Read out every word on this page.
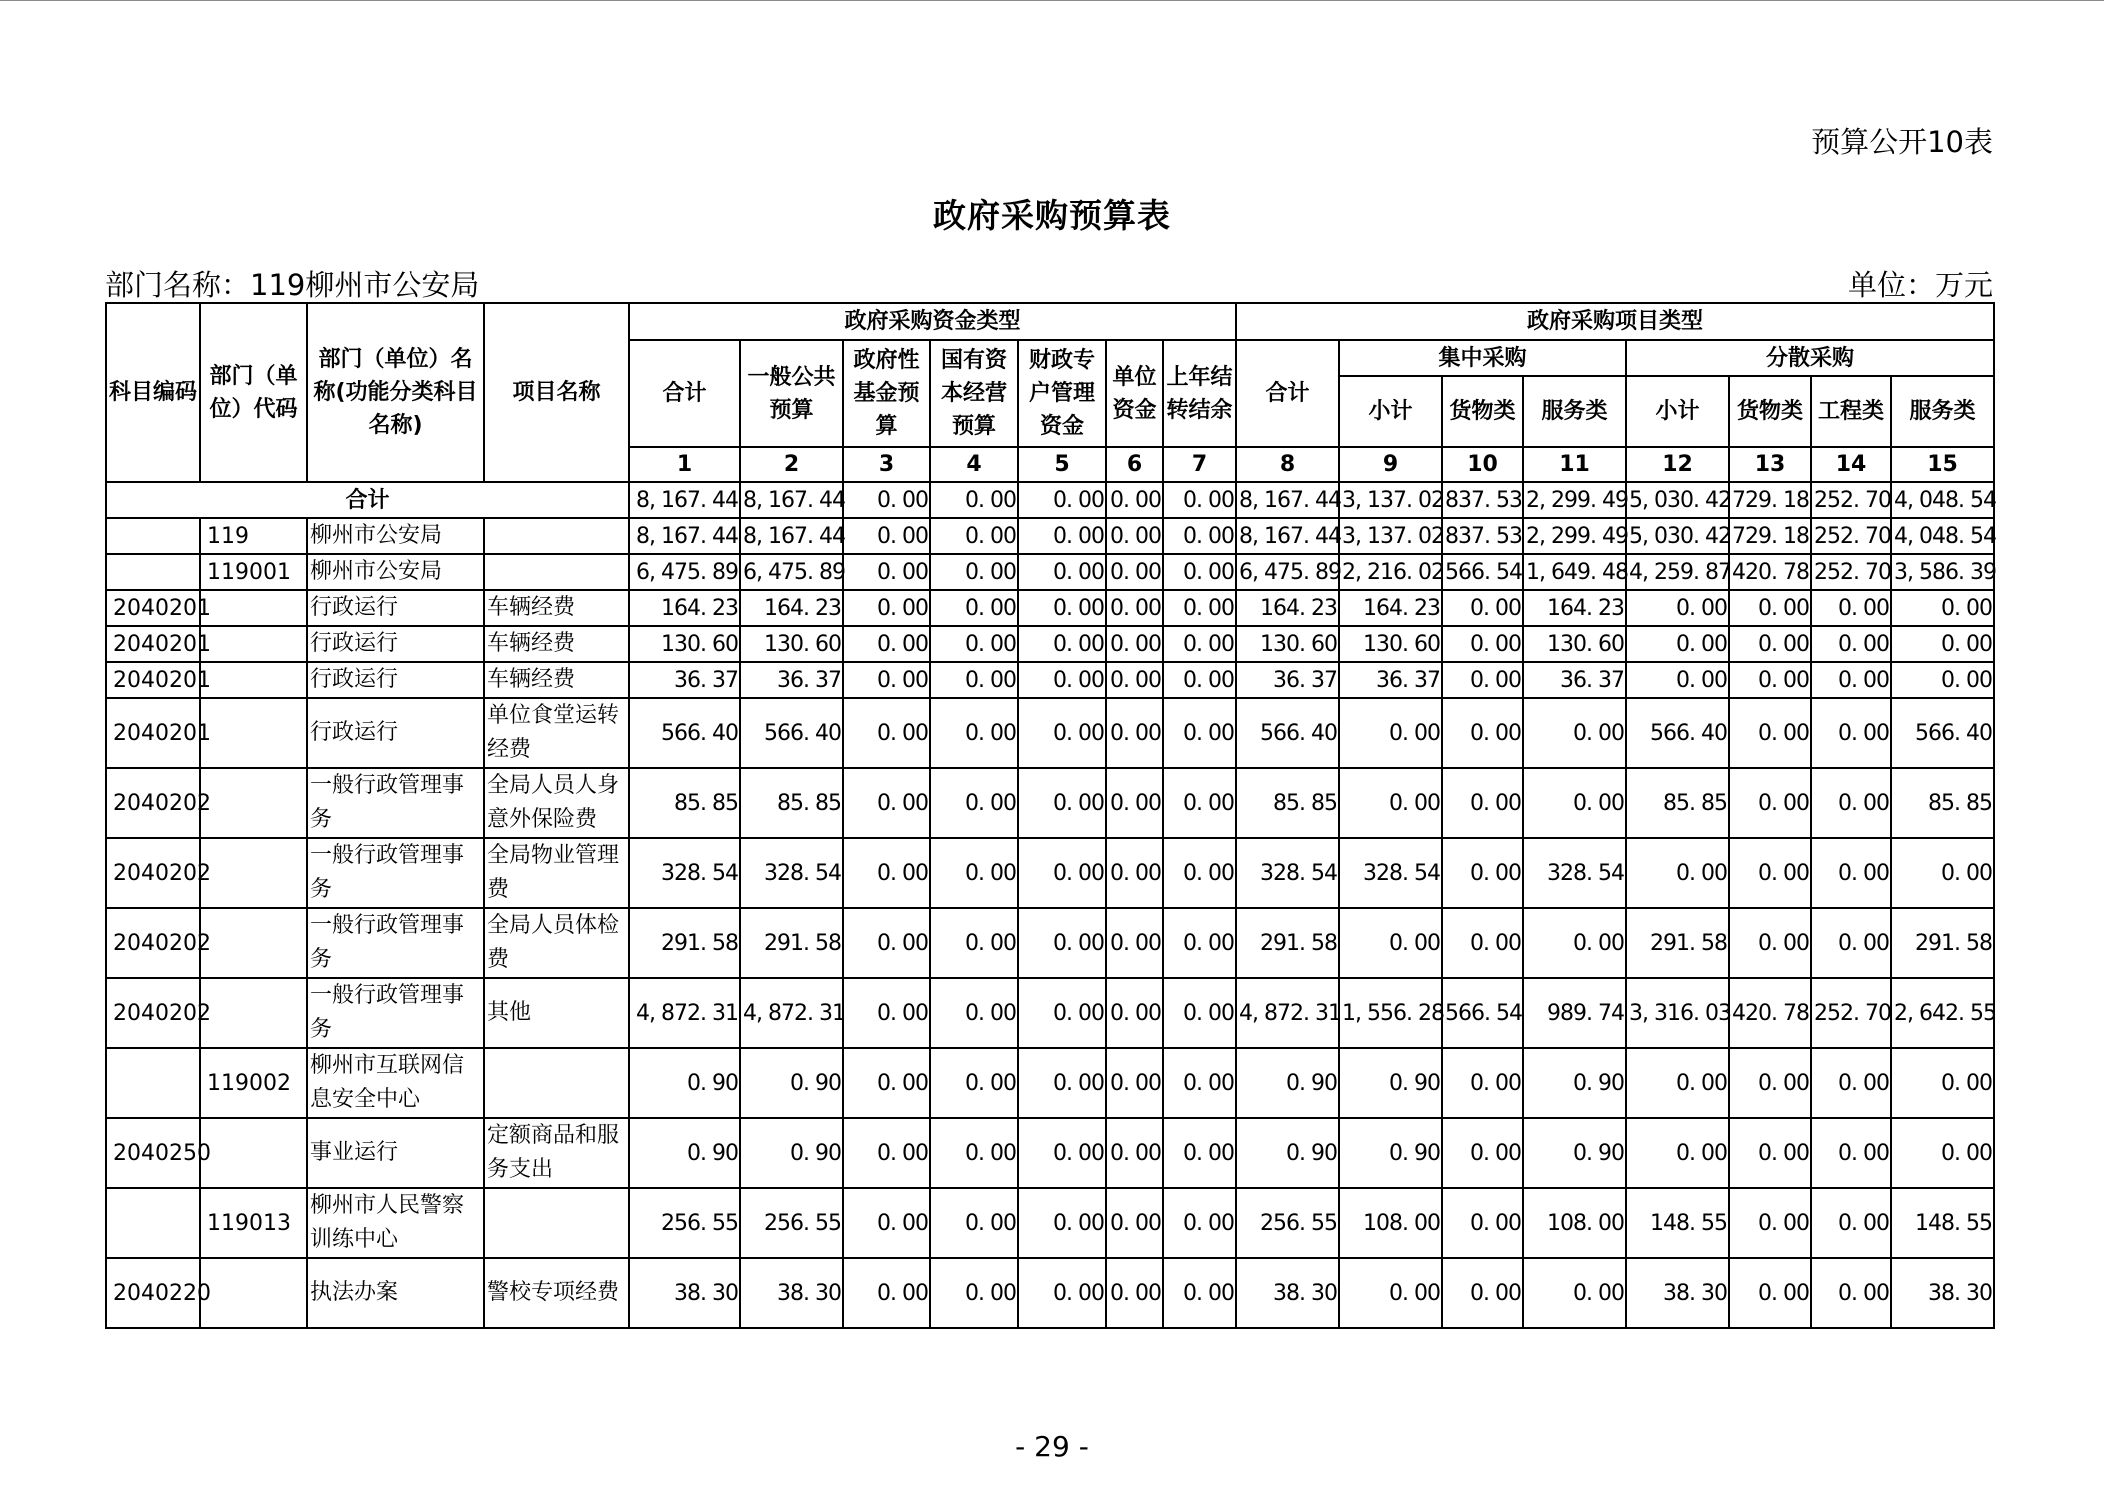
预算公开10表
政府采购预算表
部门名称：119柳州市公安局	单位：万元
科目编码	部门（单位）代码	部门（单位）名称(功能分类科目名称)	项目名称	政府采购资金类型							政府采购项目类型							
				合计	一般公共预算	政府性基金预算	国有资本经营预算	财政专户管理资金	单位资金	上年结转结余	合计	集中采购			分散采购			
												小计	货物类	服务类	小计	货物类	工程类	服务类
				1	2	3	4	5	6	7	8	9	10	11	12	13	14	15
合计				8, 167. 44	8, 167. 44	0. 00	0. 00	0. 00	0. 00	0. 00	8, 167. 44	3, 137. 02	837. 53	2, 299. 49	5, 030. 42	729. 18	252. 70	4, 048. 54
	119	柳州市公安局		8, 167. 44	8, 167. 44	0. 00	0. 00	0. 00	0. 00	0. 00	8, 167. 44	3, 137. 02	837. 53	2, 299. 49	5, 030. 42	729. 18	252. 70	4, 048. 54
	119001	柳州市公安局		6, 475. 89	6, 475. 89	0. 00	0. 00	0. 00	0. 00	0. 00	6, 475. 89	2, 216. 02	566. 54	1, 649. 48	4, 259. 87	420. 78	252. 70	3, 586. 39
2040201		行政运行	车辆经费	164. 23	164. 23	0. 00	0. 00	0. 00	0. 00	0. 00	164. 23	164. 23	0. 00	164. 23	0. 00	0. 00	0. 00	0. 00
2040201		行政运行	车辆经费	130. 60	130. 60	0. 00	0. 00	0. 00	0. 00	0. 00	130. 60	130. 60	0. 00	130. 60	0. 00	0. 00	0. 00	0. 00
2040201		行政运行	车辆经费	36. 37	36. 37	0. 00	0. 00	0. 00	0. 00	0. 00	36. 37	36. 37	0. 00	36. 37	0. 00	0. 00	0. 00	0. 00
2040201		行政运行	单位食堂运转经费	566. 40	566. 40	0. 00	0. 00	0. 00	0. 00	0. 00	566. 40	0. 00	0. 00	0. 00	566. 40	0. 00	0. 00	566. 40
2040202		一般行政管理事务	全局人员人身意外保险费	85. 85	85. 85	0. 00	0. 00	0. 00	0. 00	0. 00	85. 85	0. 00	0. 00	0. 00	85. 85	0. 00	0. 00	85. 85
2040202		一般行政管理事务	全局物业管理费	328. 54	328. 54	0. 00	0. 00	0. 00	0. 00	0. 00	328. 54	328. 54	0. 00	328. 54	0. 00	0. 00	0. 00	0. 00
2040202		一般行政管理事务	全局人员体检费	291. 58	291. 58	0. 00	0. 00	0. 00	0. 00	0. 00	291. 58	0. 00	0. 00	0. 00	291. 58	0. 00	0. 00	291. 58
2040202		一般行政管理事务	其他	4, 872. 31	4, 872. 31	0. 00	0. 00	0. 00	0. 00	0. 00	4, 872. 31	1, 556. 28	566. 54	989. 74	3, 316. 03	420. 78	252. 70	2, 642. 55
	119002	柳州市互联网信息安全中心		0. 90	0. 90	0. 00	0. 00	0. 00	0. 00	0. 00	0. 90	0. 90	0. 00	0. 90	0. 00	0. 00	0. 00	0. 00
2040250		事业运行	定额商品和服务支出	0. 90	0. 90	0. 00	0. 00	0. 00	0. 00	0. 00	0. 90	0. 90	0. 00	0. 90	0. 00	0. 00	0. 00	0. 00
	119013	柳州市人民警察训练中心		256. 55	256. 55	0. 00	0. 00	0. 00	0. 00	0. 00	256. 55	108. 00	0. 00	108. 00	148. 55	0. 00	0. 00	148. 55
2040220		执法办案	警校专项经费	38. 30	38. 30	0. 00	0. 00	0. 00	0. 00	0. 00	38. 30	0. 00	0. 00	0. 00	38. 30	0. 00	0. 00	38. 30
- 29 -
